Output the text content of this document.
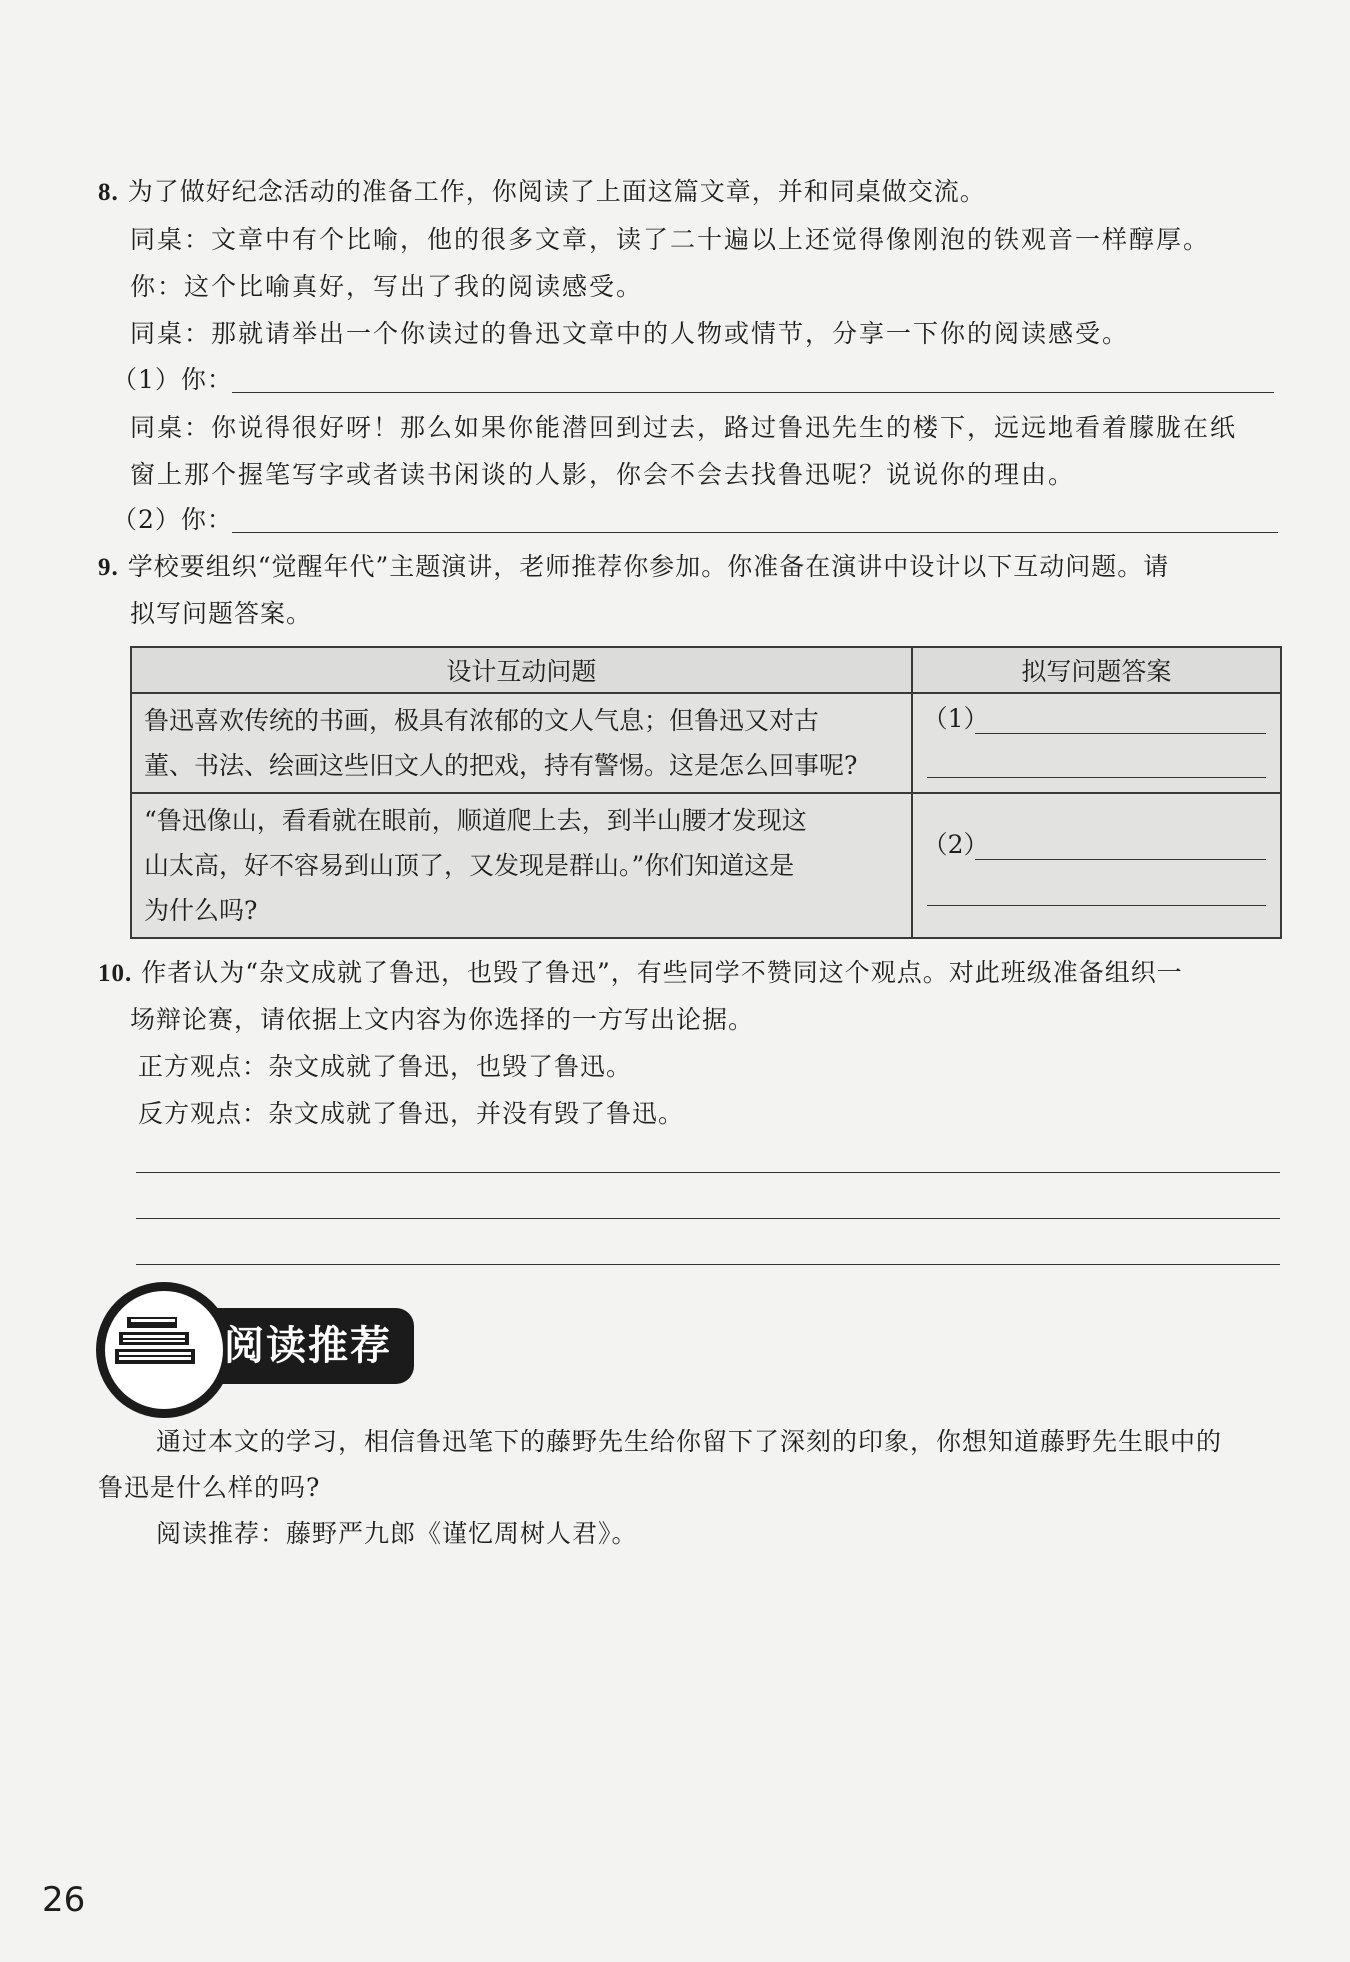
8. 为了做好纪念活动的准备工作，你阅读了上面这篇文章，并和同桌做交流。
同桌：文章中有个比喻，他的很多文章，读了二十遍以上还觉得像刚泡的铁观音一样醇厚。
你：这个比喻真好，写出了我的阅读感受。
同桌：那就请举出一个你读过的鲁迅文章中的人物或情节，分享一下你的阅读感受。
（1）你：
同桌：你说得很好呀！那么如果你能潜回到过去，路过鲁迅先生的楼下，远远地看着朦胧在纸
窗上那个握笔写字或者读书闲谈的人影，你会不会去找鲁迅呢？说说你的理由。
（2）你：
9. 学校要组织“觉醒年代”主题演讲，老师推荐你参加。你准备在演讲中设计以下互动问题。请
拟写问题答案。
设计互动问题	拟写问题答案

鲁迅喜欢传统的书画，极具有浓郁的文人气息；但鲁迅又对古
董、书法、绘画这些旧文人的把戏，持有警惕。这是怎么回事呢?	（1）

“鲁迅像山，看看就在眼前，顺道爬上去，到半山腰才发现这
山太高，好不容易到山顶了，又发现是群山。”你们知道这是
为什么吗?	（2）
10. 作者认为“杂文成就了鲁迅，也毁了鲁迅”，有些同学不赞同这个观点。对此班级准备组织一
场辩论赛，请依据上文内容为你选择的一方写出论据。
正方观点：杂文成就了鲁迅，也毁了鲁迅。
反方观点：杂文成就了鲁迅，并没有毁了鲁迅。
阅读推荐
通过本文的学习，相信鲁迅笔下的藤野先生给你留下了深刻的印象，你想知道藤野先生眼中的
鲁迅是什么样的吗?
阅读推荐：藤野严九郎《谨忆周树人君》。
26
